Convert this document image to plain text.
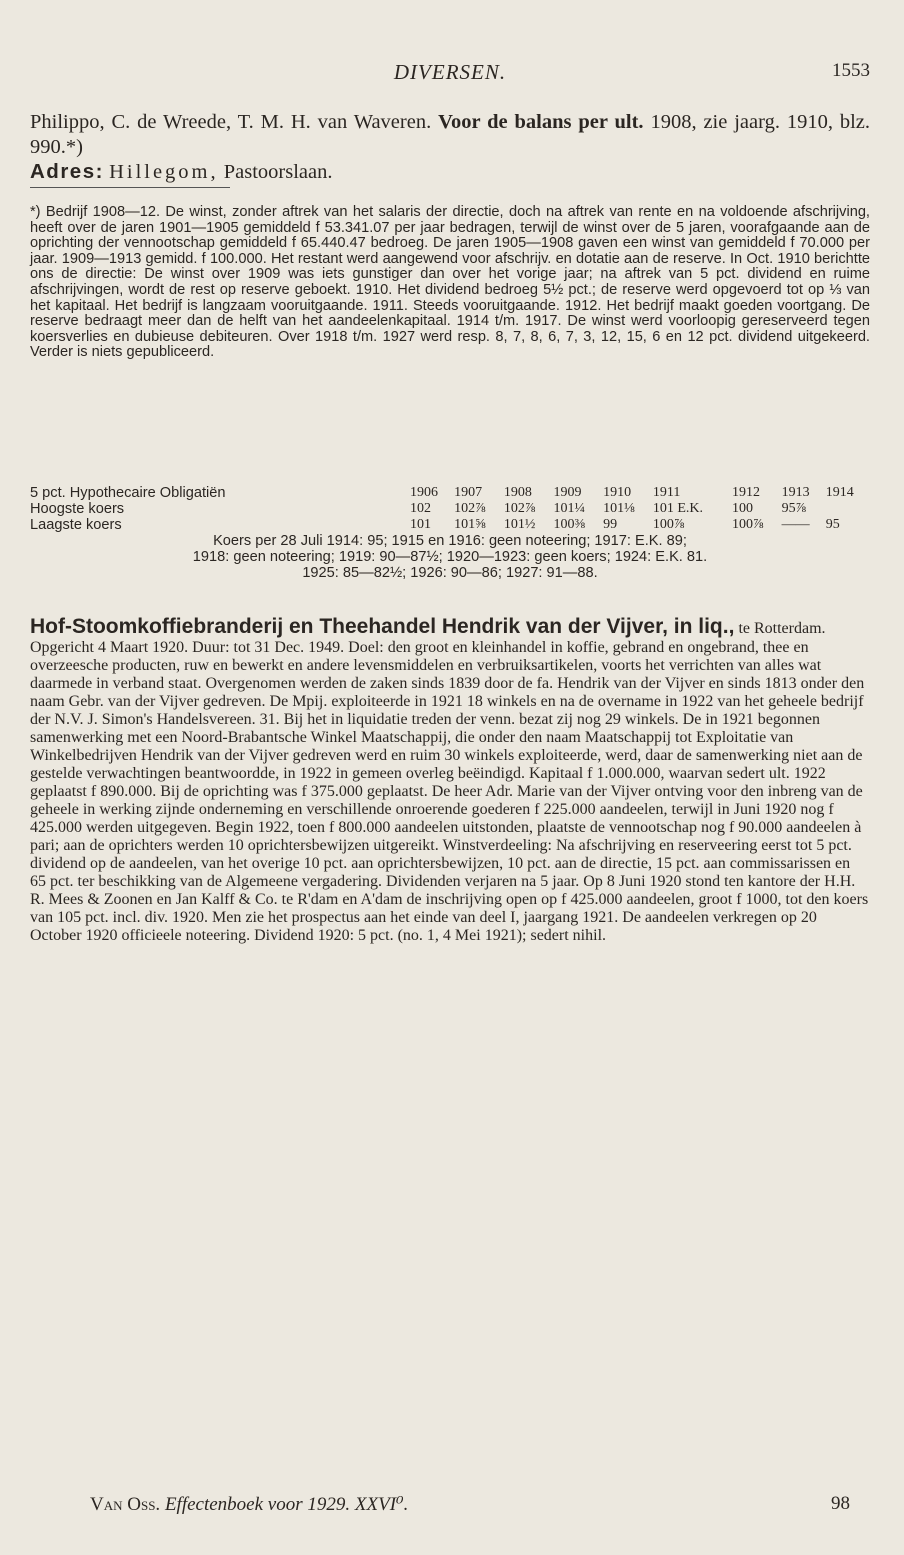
DIVERSEN.	1553

Philippo, C. de Wreede, T. M. H. van Waveren. Voor de balans per ult. 1908, zie jaarg. 1910, blz. 990.*)

Adres: Hillegom, Pastoorslaan.

*) Bedrijf 1908—12. De winst, zonder aftrek van het salaris der directie, doch na aftrek van rente en na voldoende afschrijving, heeft over de jaren 1901—1905 gemiddeld f 53.341.07 per jaar bedragen, terwijl de winst over de 5 jaren, voorafgaande aan de oprichting der vennootschap gemiddeld f 65.440.47 bedroeg. De jaren 1905—1908 gaven een winst van gemiddeld f 70.000 per jaar. 1909—1913 gemidd. f 100.000. Het restant werd aangewend voor afschrijv. en dotatie aan de reserve. In Oct. 1910 berichtte ons de directie: De winst over 1909 was iets gunstiger dan over het vorige jaar; na aftrek van 5 pct. dividend en ruime afschrijvingen, wordt de rest op reserve geboekt. 1910. Het dividend bedroeg 5½ pct.; de reserve werd opgevoerd tot op ⅓ van het kapitaal. Het bedrijf is langzaam vooruitgaande. 1911. Steeds vooruitgaande. 1912. Het bedrijf maakt goeden voortgang. De reserve bedraagt meer dan de helft van het aandeelenkapitaal. 1914 t/m. 1917. De winst werd voorloopig gereserveerd tegen koersverlies en dubieuse debiteuren. Over 1918 t/m. 1927 werd resp. 8, 7, 8, 6, 7, 3, 12, 15, 6 en 12 pct. dividend uitgekeerd. Verder is niets gepubliceerd.
5 pct. Hypothecaire Obligatiën	1906	1907	1908	1909	1910	1911	1912	1913	1914
Hoogste koers	102	102⅞	102⅞	101¼	101⅛	101 E.K.	100	95⅞	
Laagste koers	101	101⅝	101½	100⅜	99	100⅞	100⅞	——	95
Koers per 28 Juli 1914: 95; 1915 en 1916: geen noteering; 1917: E.K. 89;
1918: geen noteering; 1919: 90—87½; 1920—1923: geen koers; 1924: E.K. 81.
1925: 85—82½; 1926: 90—86; 1927: 91—88.

Hof-Stoomkoffiebranderij en Theehandel Hendrik van der Vijver, in liq., te Rotterdam. Opgericht 4 Maart 1920. Duur: tot 31 Dec. 1949. Doel: den groot en kleinhandel in koffie, gebrand en ongebrand, thee en overzeesche producten, ruw en bewerkt en andere levensmiddelen en verbruiksartikelen, voorts het verrichten van alles wat daarmede in verband staat. Overgenomen werden de zaken sinds 1839 door de fa. Hendrik van der Vijver en sinds 1813 onder den naam Gebr. van der Vijver gedreven. De Mpij. exploiteerde in 1921 18 winkels en na de overname in 1922 van het geheele bedrijf der N.V. J. Simon's Handelsvereen. 31. Bij het in liquidatie treden der venn. bezat zij nog 29 winkels. De in 1921 begonnen samenwerking met een Noord-Brabantsche Winkel Maatschappij, die onder den naam Maatschappij tot Exploitatie van Winkelbedrijven Hendrik van der Vijver gedreven werd en ruim 30 winkels exploiteerde, werd, daar de samenwerking niet aan de gestelde verwachtingen beantwoordde, in 1922 in gemeen overleg beëindigd. Kapitaal f 1.000.000, waarvan sedert ult. 1922 geplaatst f 890.000. Bij de oprichting was f 375.000 geplaatst. De heer Adr. Marie van der Vijver ontving voor den inbreng van de geheele in werking zijnde onderneming en verschillende onroerende goederen f 225.000 aandeelen, terwijl in Juni 1920 nog f 425.000 werden uitgegeven. Begin 1922, toen f 800.000 aandeelen uitstonden, plaatste de vennootschap nog f 90.000 aandeelen à pari; aan de oprichters werden 10 oprichtersbewijzen uitgereikt. Winstverdeeling: Na afschrijving en reserveering eerst tot 5 pct. dividend op de aandeelen, van het overige 10 pct. aan oprichtersbewijzen, 10 pct. aan de directie, 15 pct. aan commissarissen en 65 pct. ter beschikking van de Algemeene vergadering. Dividenden verjaren na 5 jaar. Op 8 Juni 1920 stond ten kantore der H.H. R. Mees & Zoonen en Jan Kalff & Co. te R'dam en A'dam de inschrijving open op f 425.000 aandeelen, groot f 1000, tot den koers van 105 pct. incl. div. 1920. Men zie het prospectus aan het einde van deel I, jaargang 1921. De aandeelen verkregen op 20 October 1920 officieele noteering. Dividend 1920: 5 pct. (no. 1, 4 Mei 1921); sedert nihil.

Van Oss. Effectenboek voor 1929. XXVI⁰.	98
